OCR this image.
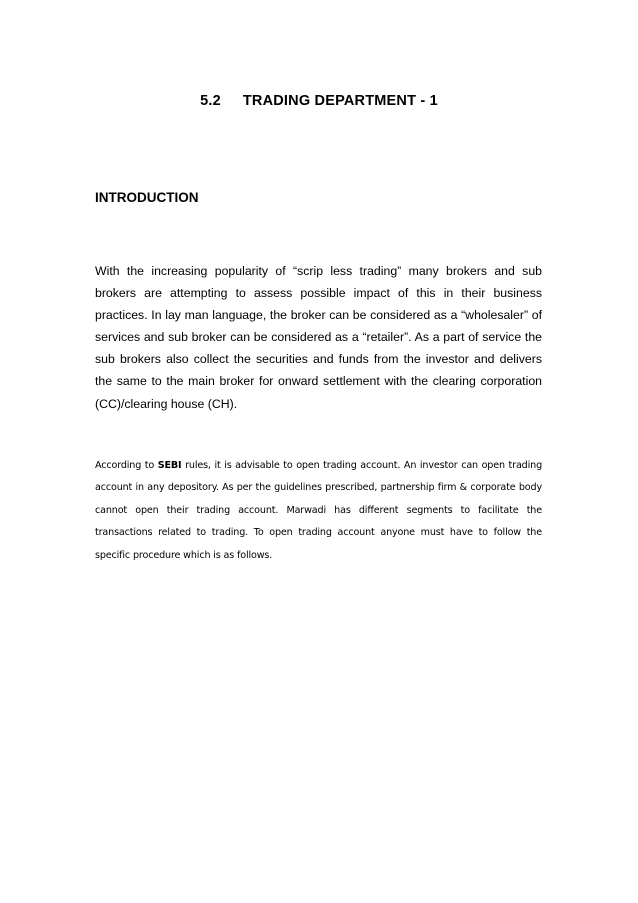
5.2 TRADING DEPARTMENT - 1
INTRODUCTION

With the increasing popularity of “scrip less trading” many brokers and sub brokers are attempting to assess possible impact of this in their business practices. In lay man language, the broker can be considered as a “wholesaler” of services and sub broker can be considered as a “retailer”. As a part of service the sub brokers also collect the securities and funds from the investor and delivers the same to the main broker for onward settlement with the clearing corporation (CC)/clearing house (CH).

According to SEBI rules, it is advisable to open trading account. An investor can open trading account in any depository. As per the guidelines prescribed, partnership firm & corporate body cannot open their trading account. Marwadi has different segments to facilitate the transactions related to trading. To open trading account anyone must have to follow the specific procedure which is as follows.
